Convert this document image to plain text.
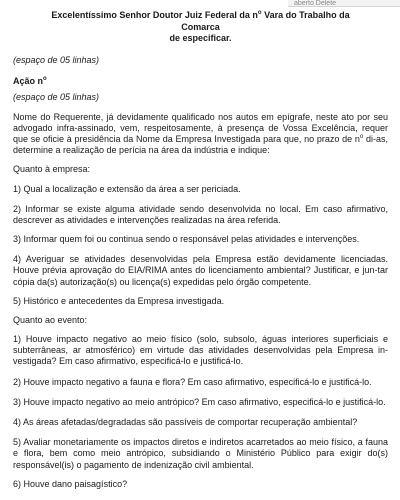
aberto Delete

Excelentíssimo Senhor Doutor Juiz Federal da $n^o$ Vara do Trabalho da Comarca
de especificar.

(espaço de 05 linhas)

Ação $n^o$

(espaço de 05 linhas)

Nome do Requerente, já devidamente qualificado nos autos em epígrafe, neste ato por seu advogado infra-assinado, vem, respeitosamente, à presença de Vossa Excelência, requer que se oficie à presidência da Nome da Empresa Investigada para que, no prazo de $n^o$ di-as, determine a realização de perícia na área da indústria e indique:

Quanto à empresa:

1) Qual a localização e extensão da área a ser periciada.

2) Informar se existe alguma atividade sendo desenvolvida no local. Em caso afirmativo, descrever as atividades e intervenções realizadas na área referida.

3) Informar quem foi ou continua sendo o responsável pelas atividades e intervenções.

4) Averiguar se atividades desenvolvidas pela Empresa estão devidamente licenciadas. Houve prévia aprovação do EIA/RIMA antes do licenciamento ambiental? Justificar, e jun-tar cópia da(s) autorização(s) ou licença(s) expedidas pelo órgão competente.

5) Histórico e antecedentes da Empresa investigada.

Quanto ao evento:

1) Houve impacto negativo ao meio físico (solo, subsolo, águas interiores superficiais e subterrâneas, ar atmosférico) em virtude das atividades desenvolvidas pela Empresa in-vestigada? Em caso afirmativo, especificá-lo e justificá-lo.

2) Houve impacto negativo a fauna e flora? Em caso afirmativo, especificá-lo e justificá-lo.

3) Houve impacto negativo ao meio antrópico? Em caso afirmativo, especificá-lo e justificá-lo.

4) As áreas afetadas/degradadas são passíveis de comportar recuperação ambiental?

5) Avaliar monetariamente os impactos diretos e indiretos acarretados ao meio físico, a fauna e flora, bem como meio antrópico, subsidiando o Ministério Público para exigir do(s) responsável(is) o pagamento de indenização civil ambiental.

6) Houve dano paisagístico?
